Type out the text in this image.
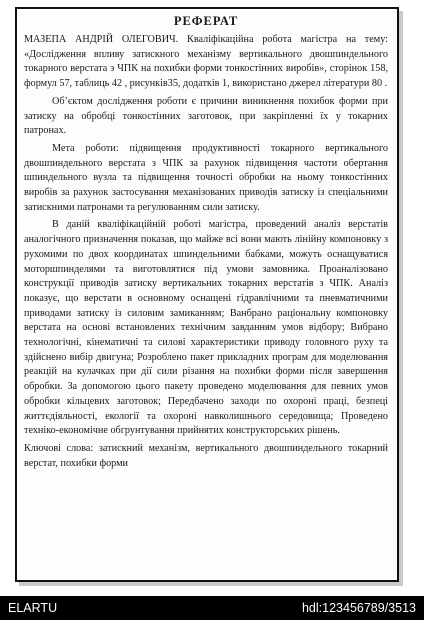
РЕФЕРАТ

МАЗЕПА АНДРІЙ ОЛЕГОВИЧ. Кваліфікаційна робота магістра на тему: «Дослідження впливу затискного механізму вертикального двошпиндельного токарного верстата з ЧПК на похибки форми тонкостінних виробів», сторінок 158, формул 57, таблиць 42 , рисунків35, додатків 1, використано джерел літератури 80 .

Об’єктом дослідження роботи є причини виникнення похибок форми при затиску на обробці тонкостінних заготовок, при закріпленні їх у токарних патронах.

Мета роботи: підвищення продуктивності токарного вертикального двошпиндельного верстата з ЧПК за рахунок підвищення частоти обертання шпиндельного вузла та підвищення точності обробки на ньому тонкостінних виробів за рахунок застосування механізованих приводів затиску із спеціальними затискними патронами та регулюванням сили затиску.

В даній кваліфікаційній роботі магістра, проведений аналіз верстатів аналогічного призначення показав, що майже всі вони мають лінійну компоновку з рухомими по двох координатах шпиндельними бабками, можуть оснащуватися моторшпинделями та виготовлятися під умови замовника. Проаналізовано конструкції приводів затиску вертикальних токарних верстатів з ЧПК. Аналіз показує, що верстати в основному оснащені гідравлічними та пневматичними приводами затиску із силовим замиканням; Ванбрано раціональну компоновку верстата на основі встановлених технічним завданням умов відбору; Вибрано технологічні, кінематичні та силові характеристики приводу головного руху та здійснено вибір двигуна; Розроблено пакет прикладних програм для моделювання реакцій на кулачках при дії сили різання на похибки форми після завершення обробки. За допомогою цього пакету проведено моделювання для певних умов обробки кільцевих заготовок; Передбачено заходи по охороні праці, безпеці життєдіяльності, екології та охороні навколишнього середовища; Проведено техніко-економічне обгрунтування прийнятих конструкторських рішень.

Ключові слова: затискний механізм, вертикального двошпиндельного токарний верстат, похибки форми

ELARTU	hdl:123456789/3513
